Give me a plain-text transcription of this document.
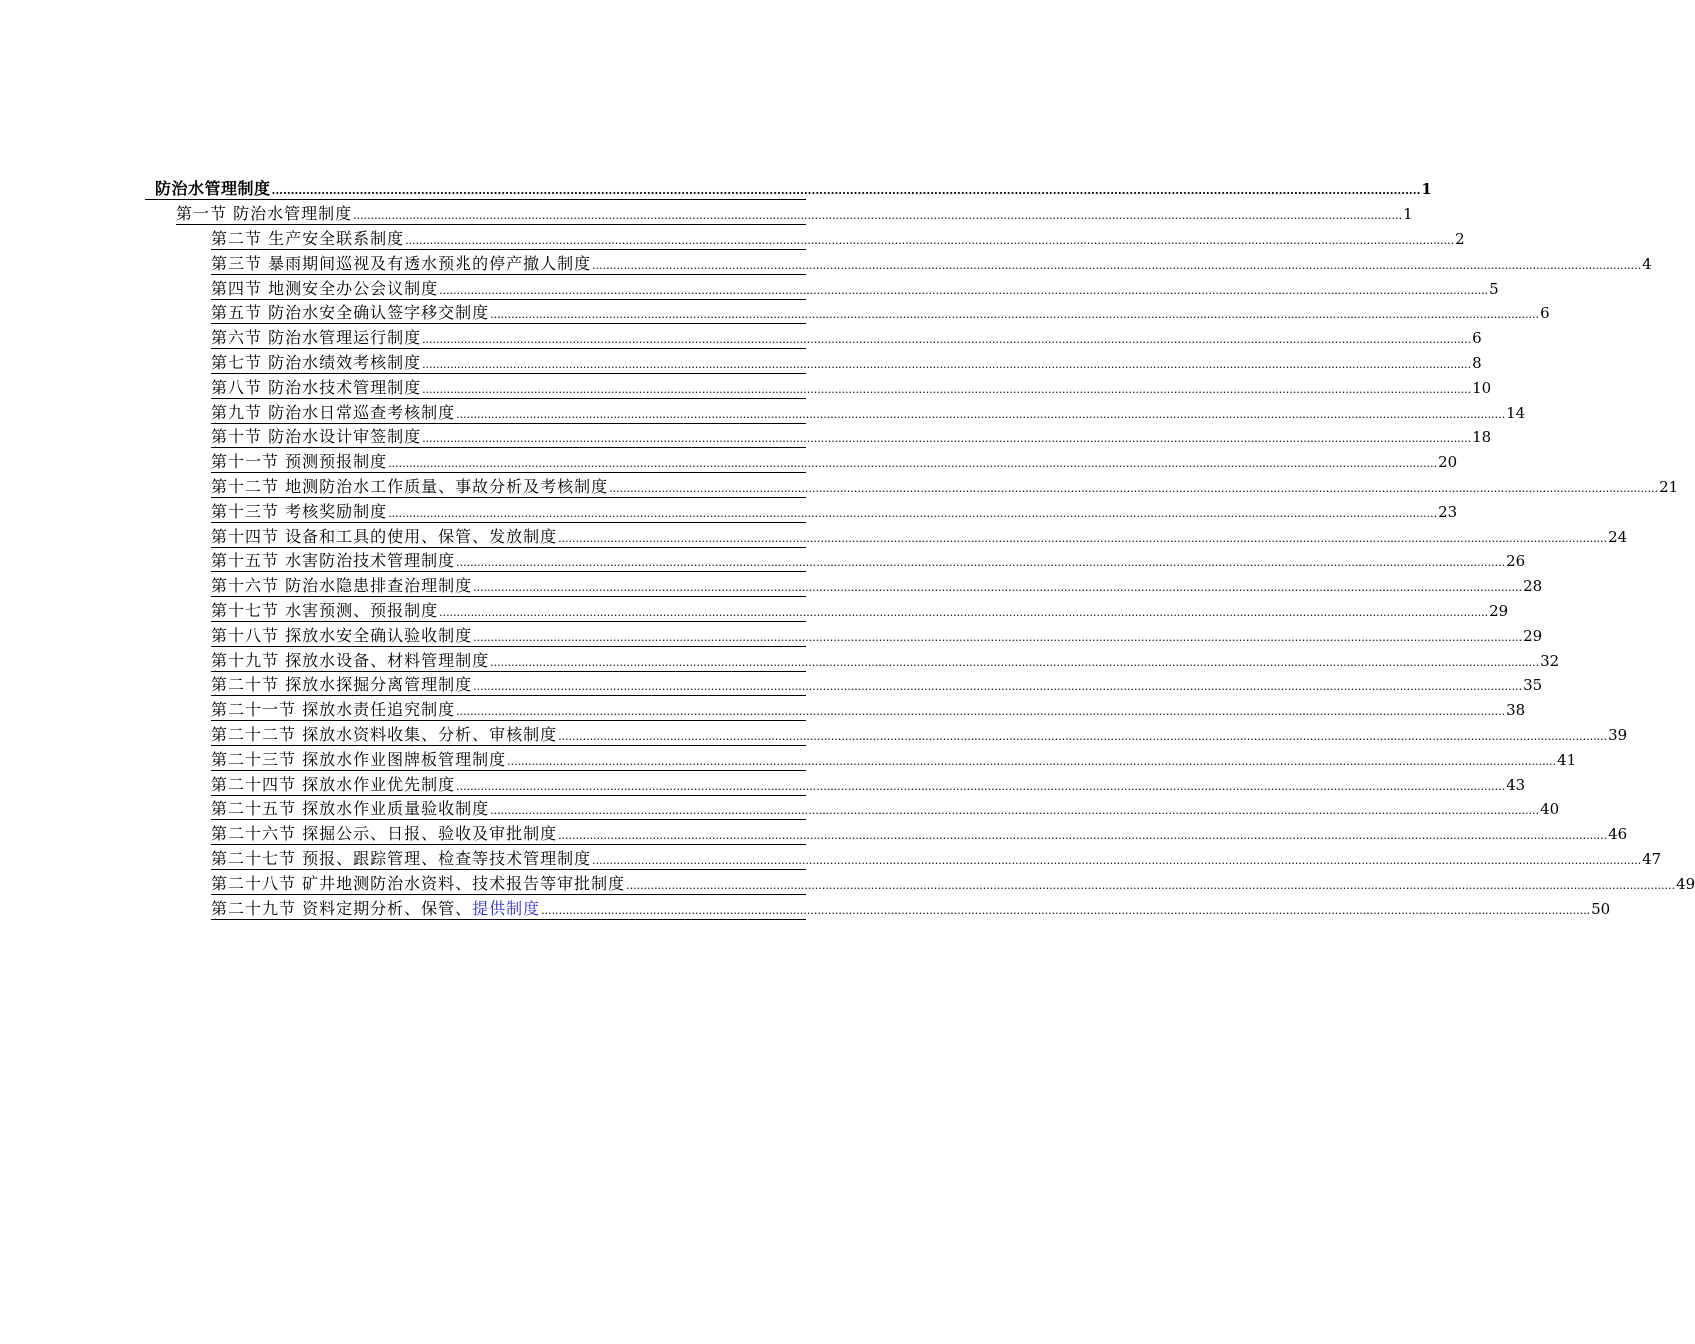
防治水管理制度 ............................................................................................................................................................................................................................................................................................................ 1
第一节 防治水管理制度 ............................................................................................................................................................................................................................................................................................................ 1
第二节 生产安全联系制度 ............................................................................................................................................................................................................................................................................................................ 2
第三节 暴雨期间巡视及有透水预兆的停产撤人制度 ............................................................................................................................................................................................................................................................................................................ 4
第四节 地测安全办公会议制度 ............................................................................................................................................................................................................................................................................................................ 5
第五节 防治水安全确认签字移交制度 ............................................................................................................................................................................................................................................................................................................ 6
第六节 防治水管理运行制度 ............................................................................................................................................................................................................................................................................................................ 6
第七节 防治水绩效考核制度 ............................................................................................................................................................................................................................................................................................................ 8
第八节 防治水技术管理制度 ............................................................................................................................................................................................................................................................................................................ 10
第九节 防治水日常巡查考核制度 ............................................................................................................................................................................................................................................................................................................ 14
第十节 防治水设计审签制度 ............................................................................................................................................................................................................................................................................................................ 18
第十一节 预测预报制度 ............................................................................................................................................................................................................................................................................................................ 20
第十二节 地测防治水工作质量、事故分析及考核制度 ............................................................................................................................................................................................................................................................................................................ 21
第十三节 考核奖励制度 ............................................................................................................................................................................................................................................................................................................ 23
第十四节 设备和工具的使用、保管、发放制度 ............................................................................................................................................................................................................................................................................................................ 24
第十五节 水害防治技术管理制度 ............................................................................................................................................................................................................................................................................................................ 26
第十六节 防治水隐患排查治理制度 ............................................................................................................................................................................................................................................................................................................ 28
第十七节 水害预测、预报制度 ............................................................................................................................................................................................................................................................................................................ 29
第十八节 探放水安全确认验收制度 ............................................................................................................................................................................................................................................................................................................ 29
第十九节 探放水设备、材料管理制度 ............................................................................................................................................................................................................................................................................................................ 32
第二十节 探放水探掘分离管理制度 ............................................................................................................................................................................................................................................................................................................ 35
第二十一节 探放水责任追究制度 ............................................................................................................................................................................................................................................................................................................ 38
第二十二节 探放水资料收集、分析、审核制度 ............................................................................................................................................................................................................................................................................................................ 39
第二十三节 探放水作业图牌板管理制度 ............................................................................................................................................................................................................................................................................................................ 41
第二十四节 探放水作业优先制度 ............................................................................................................................................................................................................................................................................................................ 43
第二十五节 探放水作业质量验收制度 ............................................................................................................................................................................................................................................................................................................ 40
第二十六节 探掘公示、日报、验收及审批制度 ............................................................................................................................................................................................................................................................................................................ 46
第二十七节 预报、跟踪管理、检查等技术管理制度 ............................................................................................................................................................................................................................................................................................................ 47
第二十八节 矿井地测防治水资料、技术报告等审批制度 ............................................................................................................................................................................................................................................................................................................ 49
第二十九节 资料定期分析、保管、提供制度 ............................................................................................................................................................................................................................................................................................................ 50
